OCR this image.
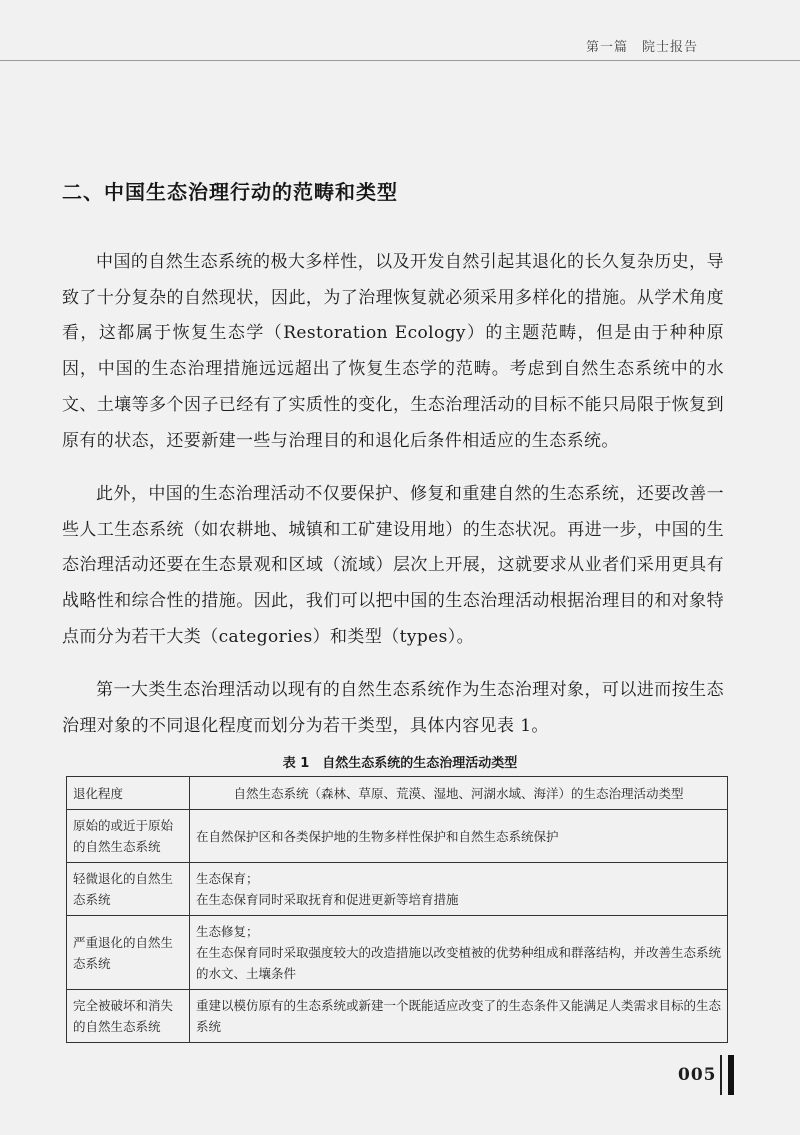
第一篇　院士报告
二、中国生态治理行动的范畴和类型

中国的自然生态系统的极大多样性，以及开发自然引起其退化的长久复杂历史，导致了十分复杂的自然现状，因此，为了治理恢复就必须采用多样化的措施。从学术角度看，这都属于恢复生态学（Restoration Ecology）的主题范畴，但是由于种种原因，中国的生态治理措施远远超出了恢复生态学的范畴。考虑到自然生态系统中的水文、土壤等多个因子已经有了实质性的变化，生态治理活动的目标不能只局限于恢复到原有的状态，还要新建一些与治理目的和退化后条件相适应的生态系统。

此外，中国的生态治理活动不仅要保护、修复和重建自然的生态系统，还要改善一些人工生态系统（如农耕地、城镇和工矿建设用地）的生态状况。再进一步，中国的生态治理活动还要在生态景观和区域（流域）层次上开展，这就要求从业者们采用更具有战略性和综合性的措施。因此，我们可以把中国的生态治理活动根据治理目的和对象特点而分为若干大类（categories）和类型（types）。

第一大类生态治理活动以现有的自然生态系统作为生态治理对象，可以进而按生态治理对象的不同退化程度而划分为若干类型，具体内容见表 1。

表 1　自然生态系统的生态治理活动类型
退化程度	自然生态系统（森林、草原、荒漠、湿地、河湖水域、海洋）的生态治理活动类型
原始的或近于原始的自然生态系统	在自然保护区和各类保护地的生物多样性保护和自然生态系统保护
轻微退化的自然生态系统	生态保育；
在生态保育同时采取抚育和促进更新等培育措施
严重退化的自然生态系统	生态修复；
在生态保育同时采取强度较大的改造措施以改变植被的优势种组成和群落结构，并改善生态系统的水文、土壤条件
完全被破坏和消失的自然生态系统	重建以模仿原有的生态系统或新建一个既能适应改变了的生态条件又能满足人类需求目标的生态系统
005
